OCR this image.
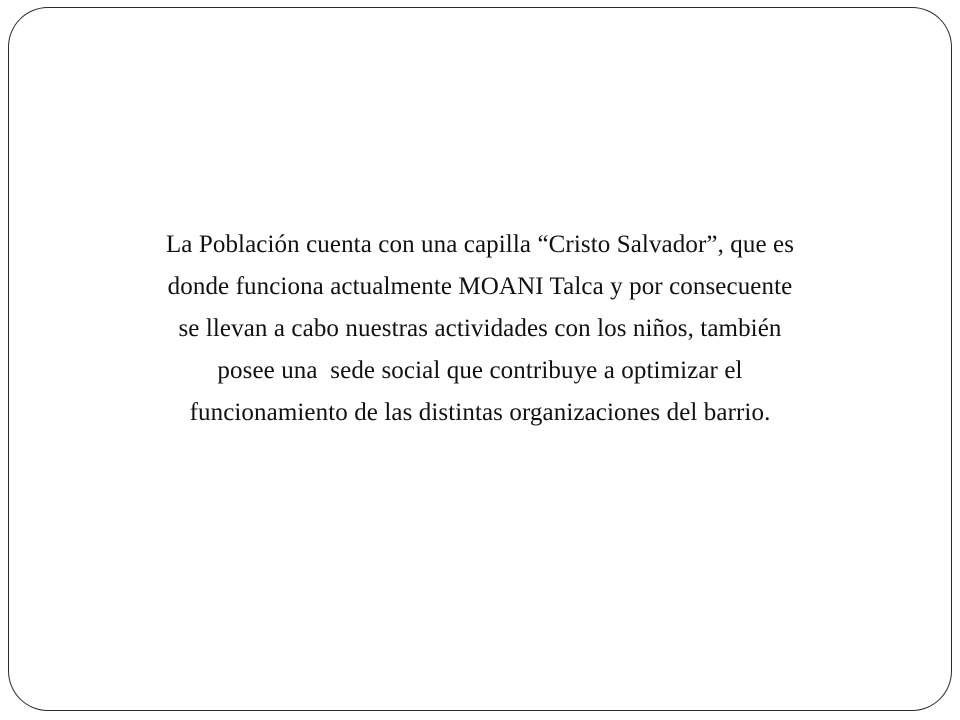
La Población cuenta con una capilla “Cristo Salvador”, que es
donde funciona actualmente MOANI Talca y por consecuente
se llevan a cabo nuestras actividades con los niños, también
posee una  sede social que contribuye a optimizar el
funcionamiento de las distintas organizaciones del barrio.
